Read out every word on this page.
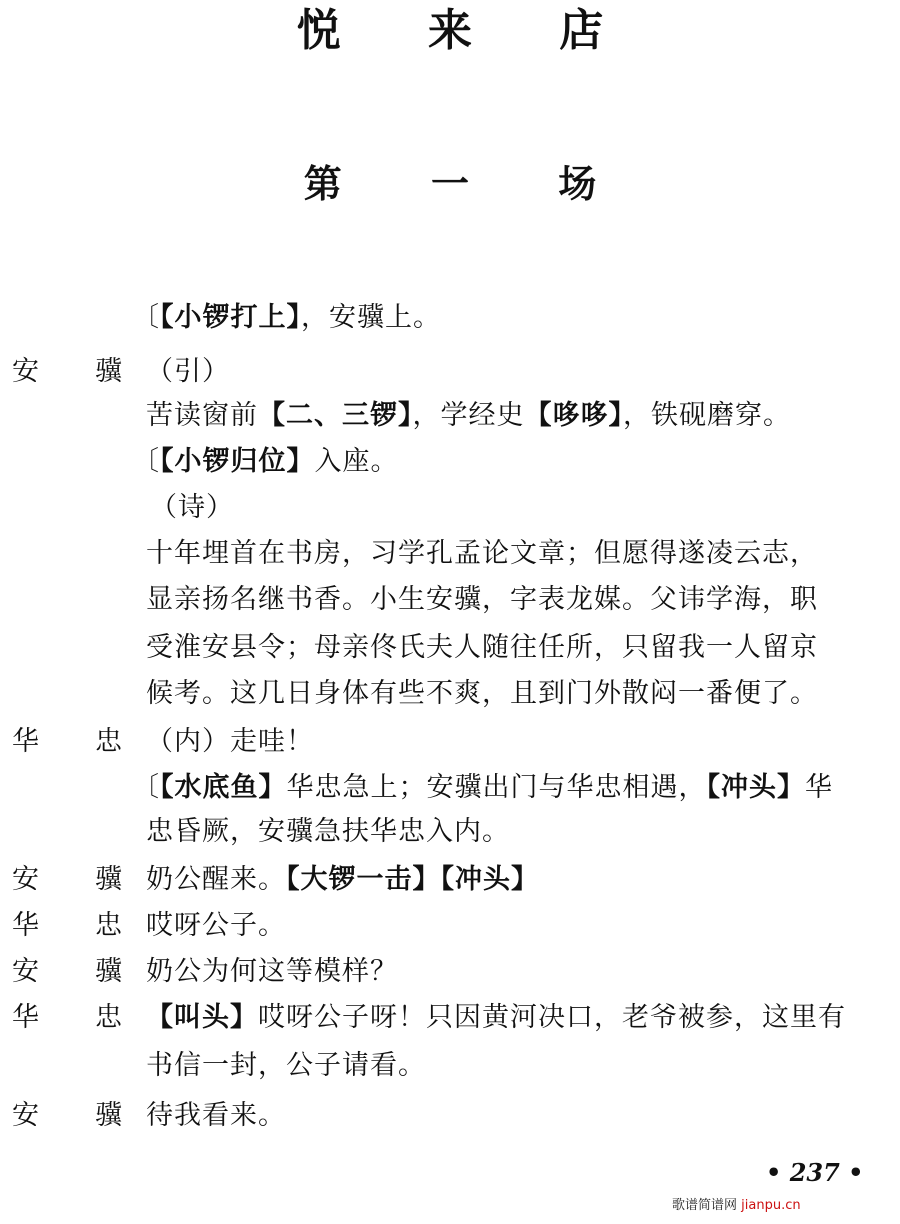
悦 来 店
第 一 场
安 骥
华 忠
安 骥
华 忠
安 骥
华 忠
安 骥
〔【小锣打上】，安骥上。
（引）
苦读窗前【二、三锣】，学经史【哆哆】，铁砚磨穿。
〔【小锣归位】入座。
（诗）
十年埋首在书房，习学孔孟论文章；但愿得遂凌云志，
显亲扬名继书香。小生安骥，字表龙媒。父讳学海，职
受淮安县令；母亲佟氏夫人随往任所，只留我一人留京
候考。这几日身体有些不爽，且到门外散闷一番便了。
（内）走哇！
〔【水底鱼】华忠急上；安骥出门与华忠相遇，【冲头】华
忠昏厥，安骥急扶华忠入内。
奶公醒来。【大锣一击】【冲头】
哎呀公子。
奶公为何这等模样？
【叫头】哎呀公子呀！只因黄河决口，老爷被参，这里有
书信一封，公子请看。
待我看来。
• 237 •
歌谱简谱网 jianpu.cn
